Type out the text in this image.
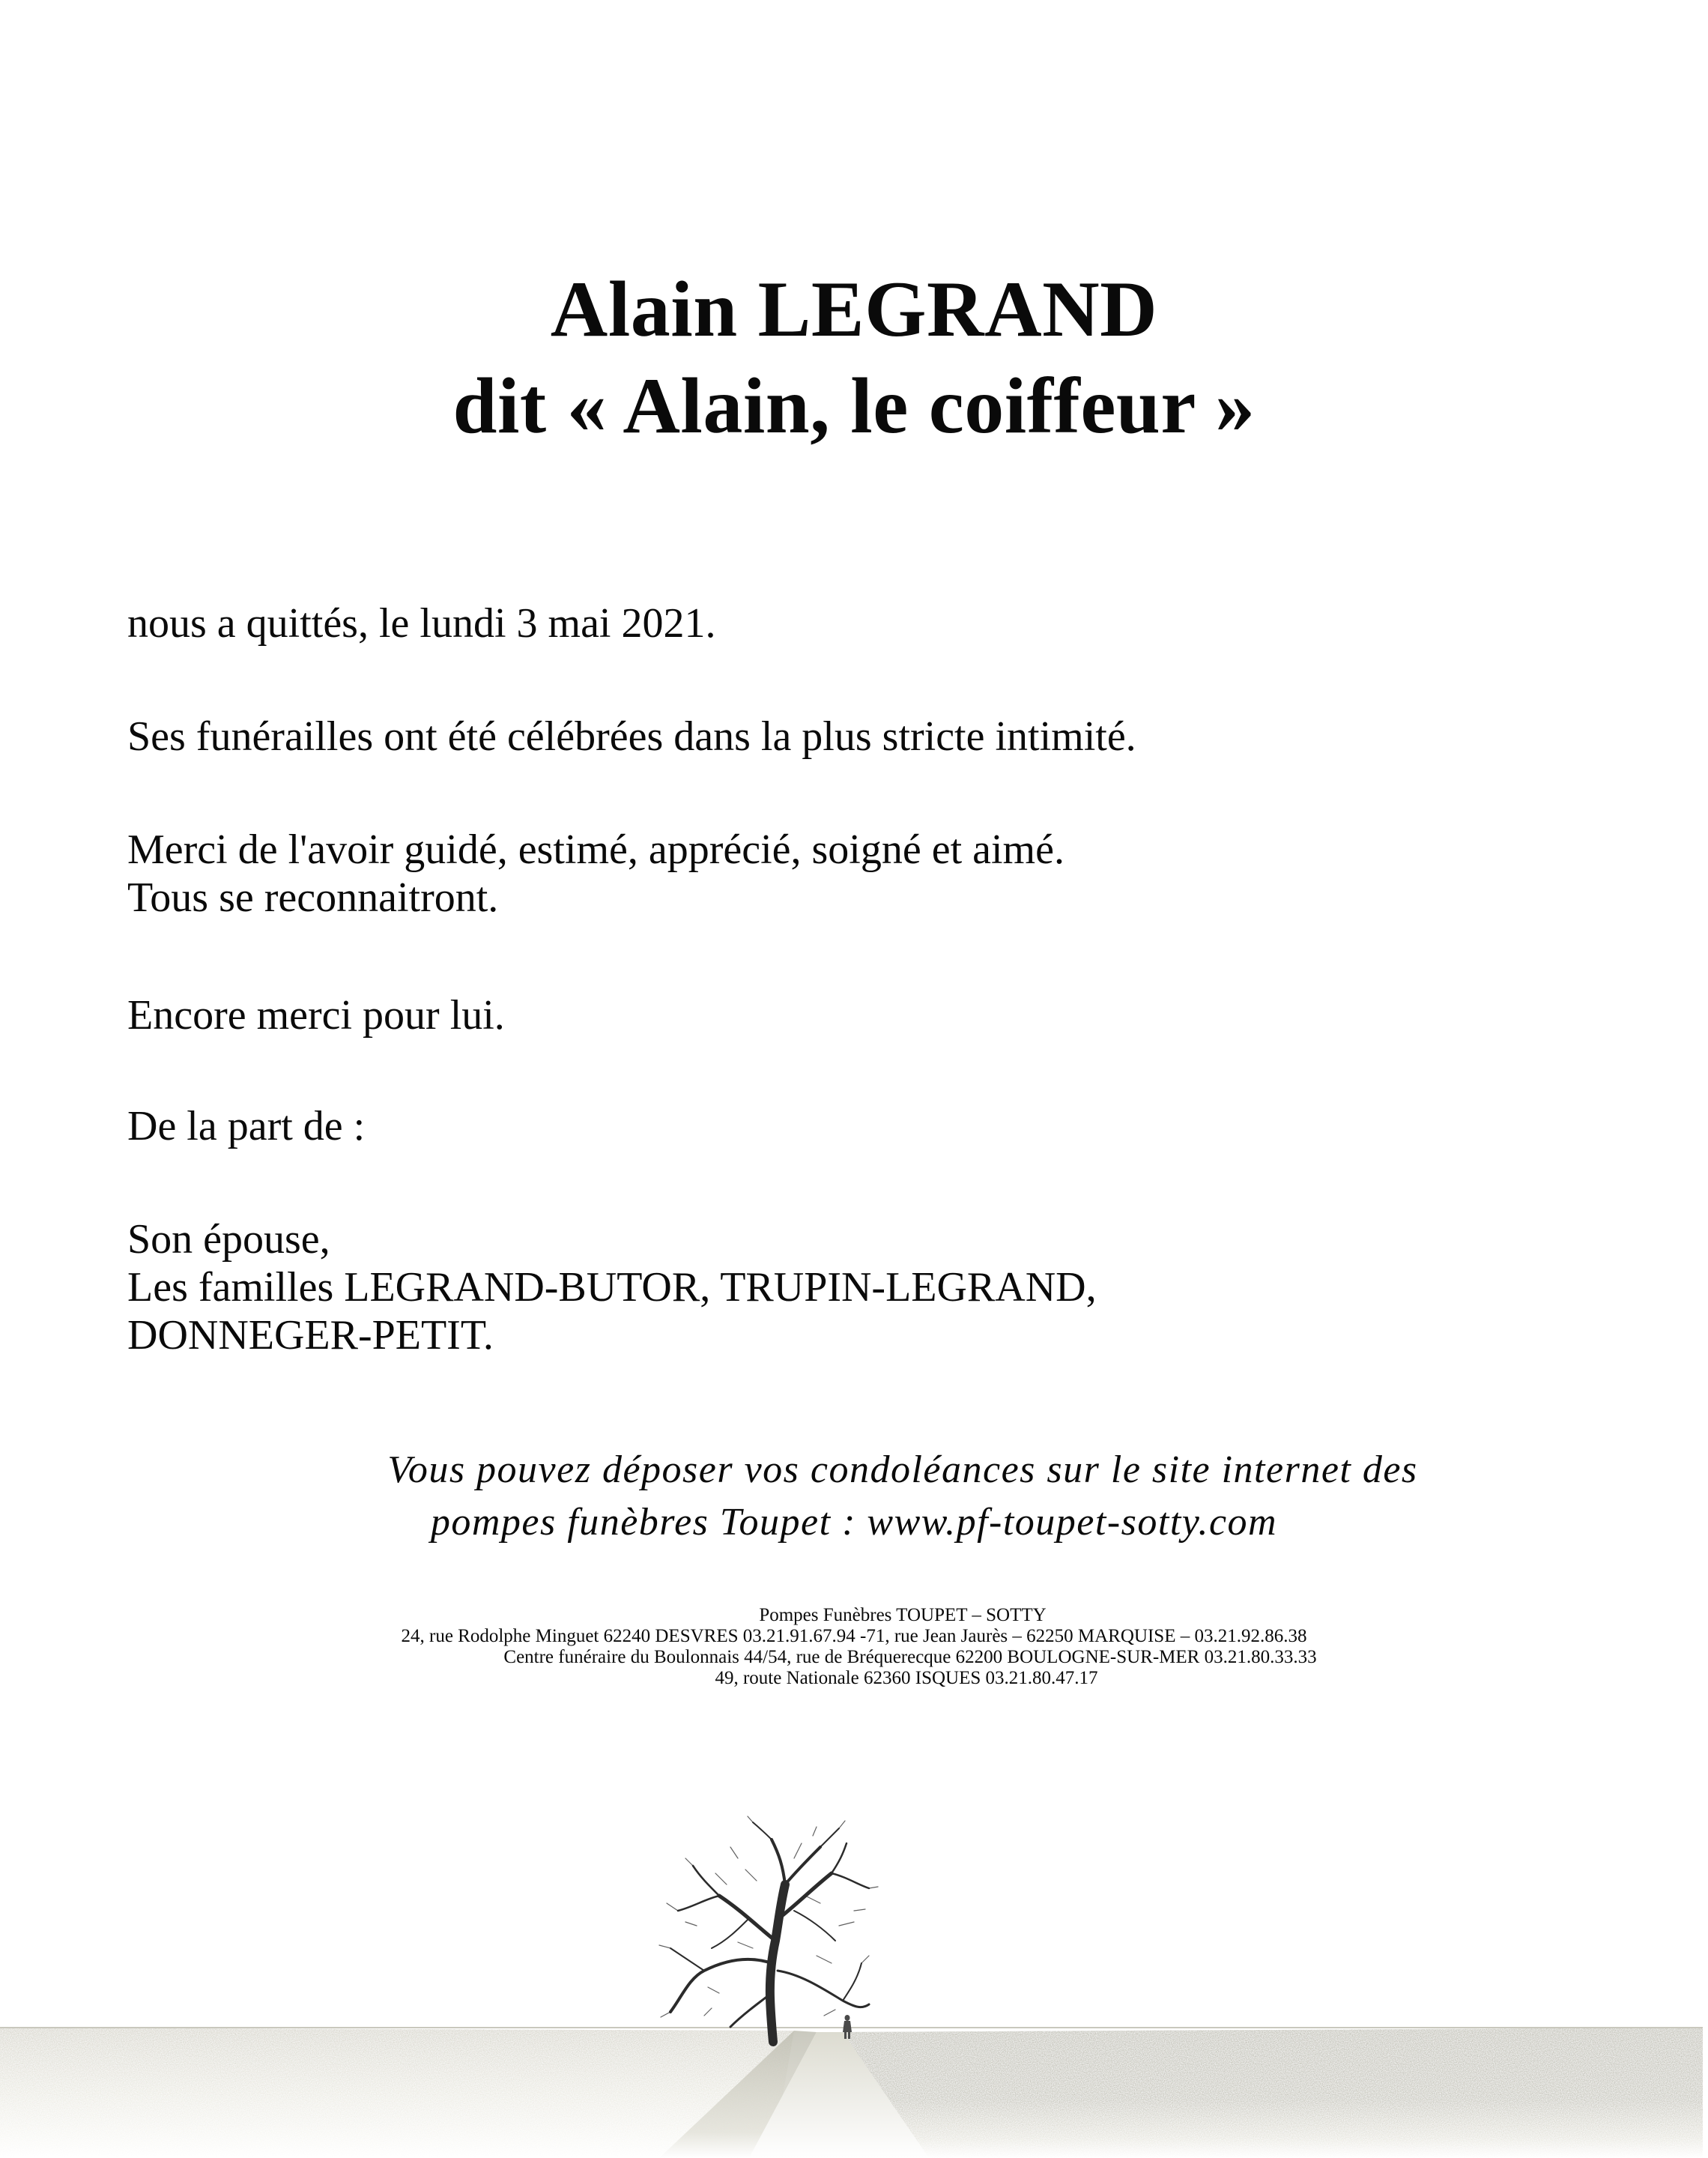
Alain LEGRAND
dit « Alain, le coiffeur »

nous a quittés, le lundi 3 mai 2021.

Ses funérailles ont été célébrées dans la plus stricte intimité.

Merci de l'avoir guidé, estimé, apprécié, soigné et aimé.
Tous se reconnaitront.

Encore merci pour lui.

De la part de :

Son épouse,
Les familles LEGRAND-BUTOR, TRUPIN-LEGRAND,
DONNEGER-PETIT.

Vous pouvez déposer vos condoléances sur le site internet des
pompes funèbres Toupet : www.pf-toupet-sotty.com
Pompes Funèbres TOUPET – SOTTY
24, rue Rodolphe Minguet 62240 DESVRES 03.21.91.67.94 -71, rue Jean Jaurès – 62250 MARQUISE – 03.21.92.86.38
Centre funéraire du Boulonnais 44/54, rue de Bréquerecque 62200 BOULOGNE-SUR-MER 03.21.80.33.33
49, route Nationale 62360 ISQUES 03.21.80.47.17
